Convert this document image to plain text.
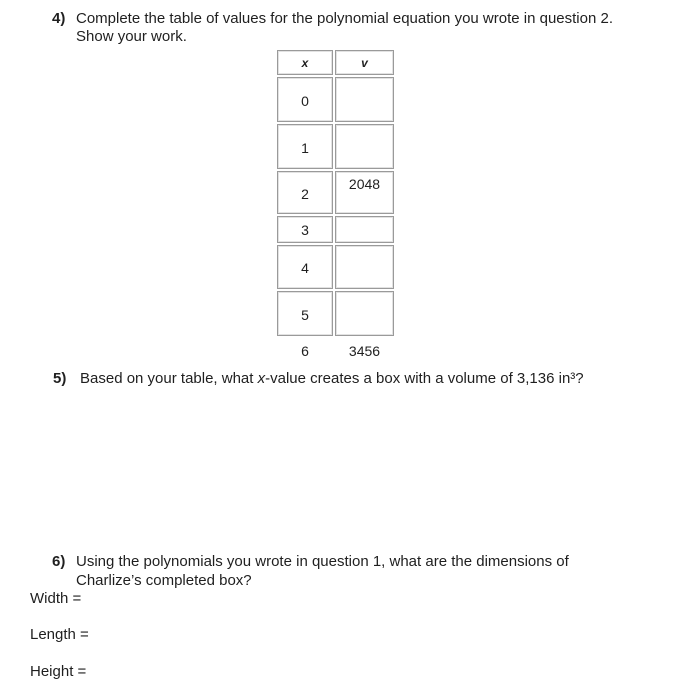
4) Complete the table of values for the polynomial equation you wrote in question 2.
Show your work.
x	v
0
1
2
2048
3
4
5
6	3456
5) Based on your table, what x-value creates a box with a volume of 3,136 in³?
6) Using the polynomials you wrote in question 1, what are the dimensions of
Charlize’s completed box?
Width =
Length =
Height =
